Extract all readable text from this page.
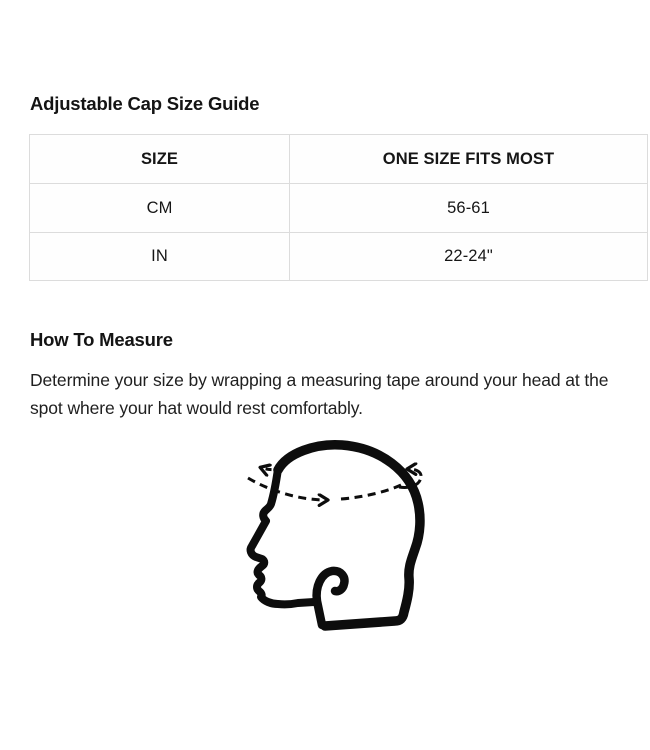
Adjustable Cap Size Guide
SIZE	ONE SIZE FITS MOST
CM	56-61
IN	22-24"
How To Measure
Determine your size by wrapping a measuring tape around your head at the
spot where your hat would rest comfortably.
